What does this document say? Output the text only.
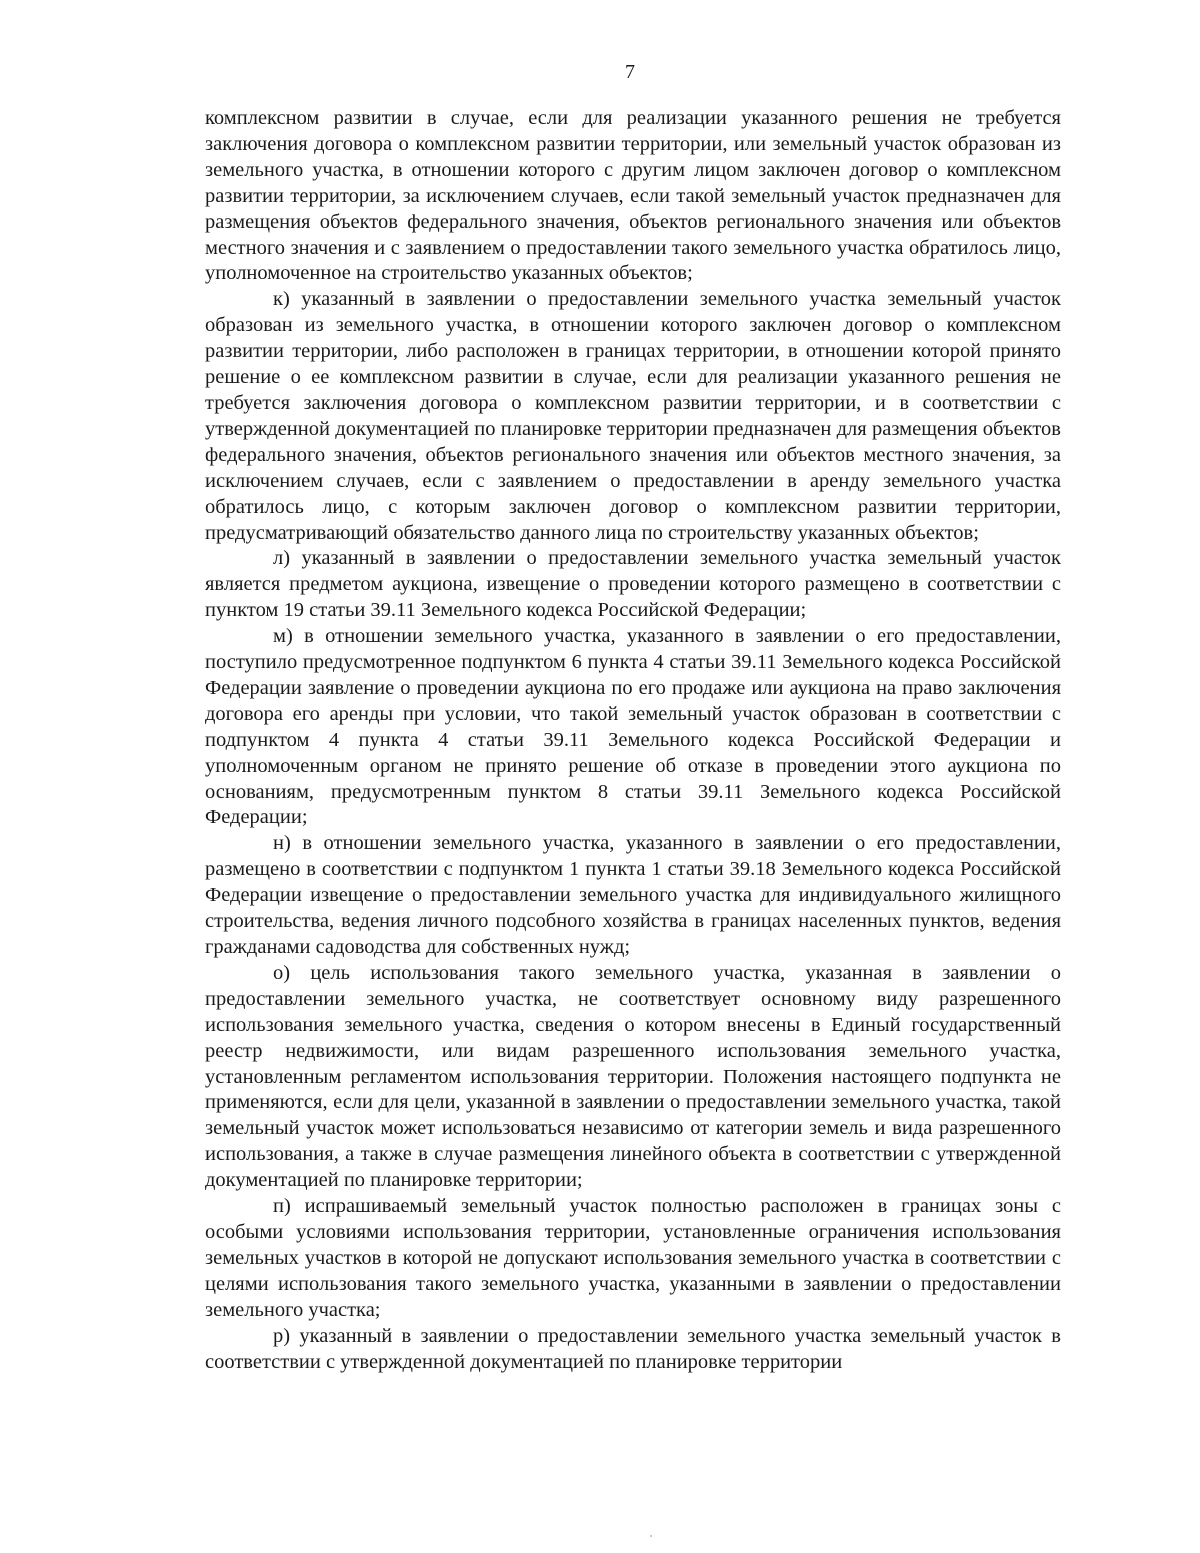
7

комплексном развитии в случае, если для реализации указанного решения не требуется заключения договора о комплексном развитии территории, или земельный участок образован из земельного участка, в отношении которого с другим лицом заключен договор о комплексном развитии территории, за исключением случаев, если такой земельный участок предназначен для размещения объектов федерального значения, объектов регионального значения или объектов местного значения и с заявлением о предоставлении такого земельного участка обратилось лицо, уполномоченное на строительство указанных объектов;

к) указанный в заявлении о предоставлении земельного участка земельный участок образован из земельного участка, в отношении которого заключен договор о комплексном развитии территории, либо расположен в границах территории, в отношении которой принято решение о ее комплексном развитии в случае, если для реализации указанного решения не требуется заключения договора о комплексном развитии территории, и в соответствии с утвержденной документацией по планировке территории предназначен для размещения объектов федерального значения, объектов регионального значения или объектов местного значения, за исключением случаев, если с заявлением о предоставлении в аренду земельного участка обратилось лицо, с которым заключен договор о комплексном развитии территории, предусматривающий обязательство данного лица по строительству указанных объектов;

л) указанный в заявлении о предоставлении земельного участка земельный участок является предметом аукциона, извещение о проведении которого размещено в соответствии с пунктом 19 статьи 39.11 Земельного кодекса Российской Федерации;

м) в отношении земельного участка, указанного в заявлении о его предоставлении, поступило предусмотренное подпунктом 6 пункта 4 статьи 39.11 Земельного кодекса Российской Федерации заявление о проведении аукциона по его продаже или аукциона на право заключения договора его аренды при условии, что такой земельный участок образован в соответствии с подпунктом 4 пункта 4 статьи 39.11 Земельного кодекса Российской Федерации и уполномоченным органом не принято решение об отказе в проведении этого аукциона по основаниям, предусмотренным пунктом 8 статьи 39.11 Земельного кодекса Российской Федерации;

н) в отношении земельного участка, указанного в заявлении о его предоставлении, размещено в соответствии с подпунктом 1 пункта 1 статьи 39.18 Земельного кодекса Российской Федерации извещение о предоставлении земельного участка для индивидуального жилищного строительства, ведения личного подсобного хозяйства в границах населенных пунктов, ведения гражданами садоводства для собственных нужд;

о) цель использования такого земельного участка, указанная в заявлении о предоставлении земельного участка, не соответствует основному виду разрешенного использования земельного участка, сведения о котором внесены в Единый государственный реестр недвижимости, или видам разрешенного использования земельного участка, установленным регламентом использования территории. Положения настоящего подпункта не применяются, если для цели, указанной в заявлении о предоставлении земельного участка, такой земельный участок может использоваться независимо от категории земель и вида разрешенного использования, а также в случае размещения линейного объекта в соответствии с утвержденной документацией по планировке территории;

п) испрашиваемый земельный участок полностью расположен в границах зоны с особыми условиями использования территории, установленные ограничения использования земельных участков в которой не допускают использования земельного участка в соответствии с целями использования такого земельного участка, указанными в заявлении о предоставлении земельного участка;

р) указанный в заявлении о предоставлении земельного участка земельный участок в соответствии с утвержденной документацией по планировке территории
